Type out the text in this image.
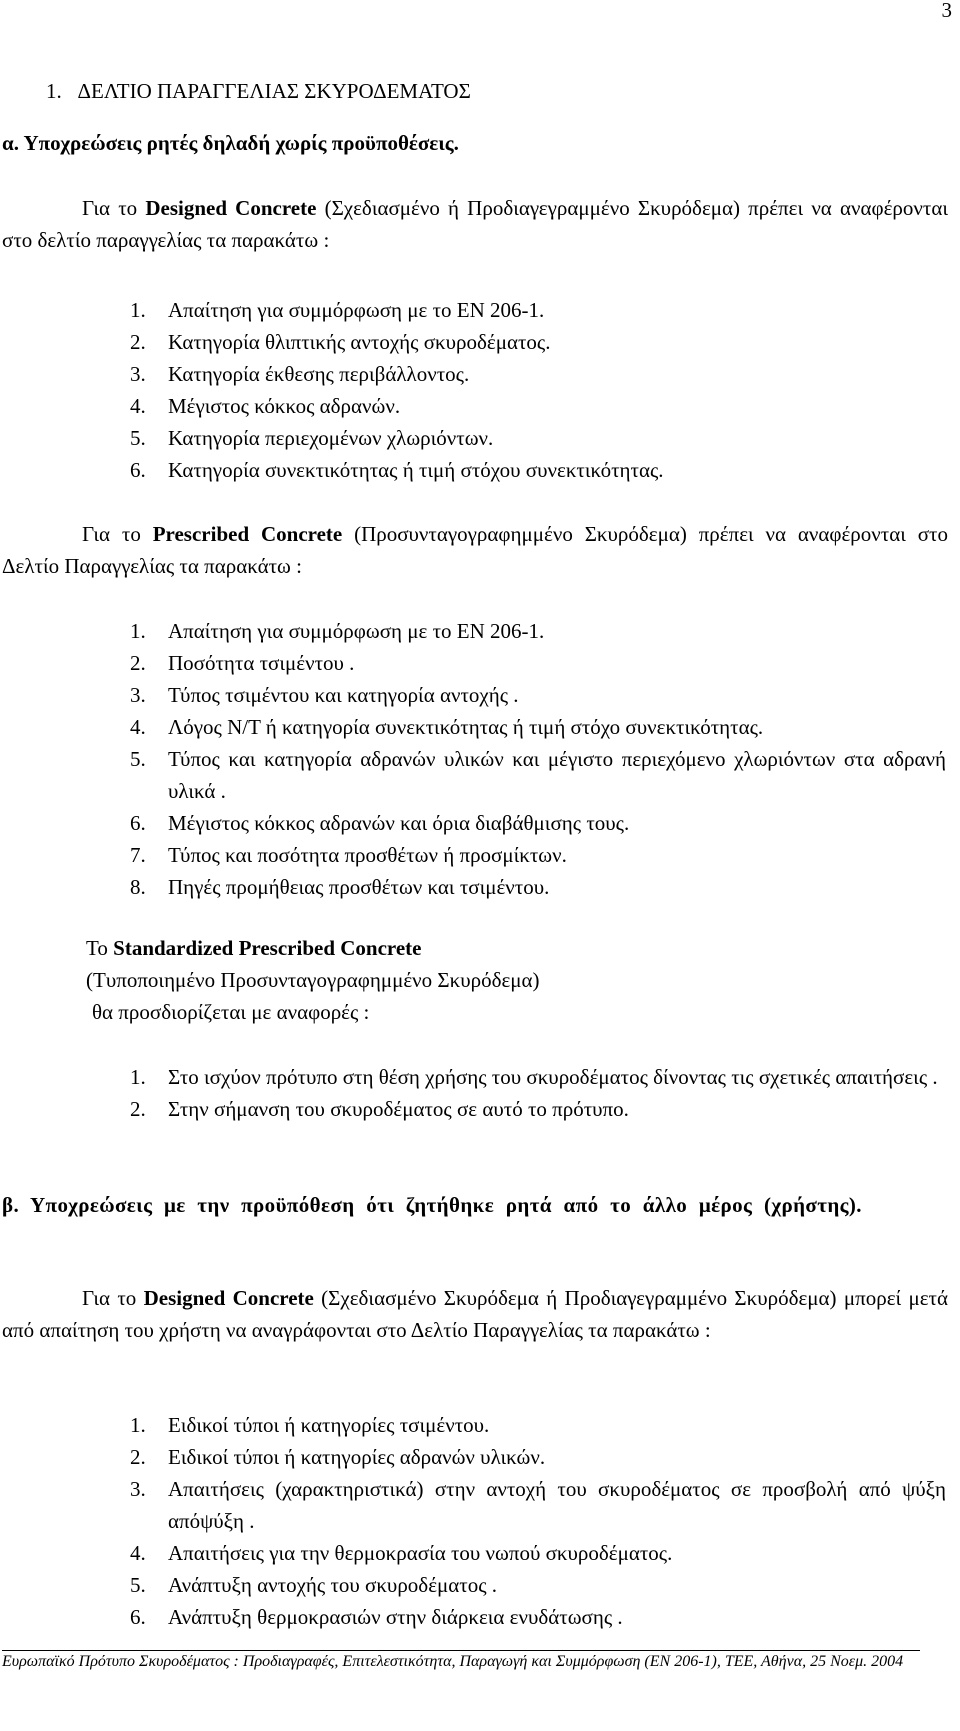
3
1. ΔΕΛΤΙΟ ΠΑΡΑΓΓΕΛΙΑΣ ΣΚΥΡΟΔΕΜΑΤΟΣ
α. Υποχρεώσεις ρητές δηλαδή χωρίς προϋποθέσεις.
Για το Designed Concrete (Σχεδιασμένο ή Προδιαγεγραμμένο Σκυρόδεμα) πρέπει να αναφέρονται στο δελτίο παραγγελίας τα παρακάτω :
1. Απαίτηση για συμμόρφωση με το ΕΝ 206-1.
2. Κατηγορία θλιπτικής αντοχής σκυροδέματος.
3. Κατηγορία έκθεσης περιβάλλοντος.
4. Μέγιστος κόκκος αδρανών.
5. Κατηγορία περιεχομένων χλωριόντων.
6. Κατηγορία συνεκτικότητας ή τιμή στόχου συνεκτικότητας.
Για το Prescribed Concrete (Προσυνταγογραφημμένο Σκυρόδεμα) πρέπει να αναφέρονται στο Δελτίο Παραγγελίας τα παρακάτω :
1. Απαίτηση για συμμόρφωση με το ΕΝ 206-1.
2. Ποσότητα τσιμέντου .
3. Τύπος τσιμέντου και κατηγορία αντοχής .
4. Λόγος Ν/Τ ή κατηγορία συνεκτικότητας ή τιμή στόχο συνεκτικότητας.
5. Τύπος και κατηγορία αδρανών υλικών και μέγιστο περιεχόμενο χλωριόντων στα αδρανή υλικά .
6. Μέγιστος κόκκος αδρανών και όρια διαβάθμισης τους.
7. Τύπος και ποσότητα προσθέτων ή προσμίκτων.
8. Πηγές προμήθειας προσθέτων και τσιμέντου.
Το Standardized Prescribed Concrete
(Τυποποιημένο Προσυνταγογραφημμένο Σκυρόδεμα)
θα προσδιορίζεται με αναφορές :
1. Στο ισχύον πρότυπο στη θέση χρήσης του σκυροδέματος δίνοντας τις σχετικές απαιτήσεις .
2. Στην σήμανση του σκυροδέματος σε αυτό το πρότυπο.
β. Υποχρεώσεις με την προϋπόθεση ότι ζητήθηκε ρητά από το άλλο μέρος (χρήστης).
Για το Designed Concrete (Σχεδιασμένο Σκυρόδεμα ή Προδιαγεγραμμένο Σκυρόδεμα) μπορεί μετά από απαίτηση του χρήστη να αναγράφονται στο Δελτίο Παραγγελίας τα παρακάτω :
1. Ειδικοί τύποι ή κατηγορίες τσιμέντου.
2. Ειδικοί τύποι ή κατηγορίες αδρανών υλικών.
3. Απαιτήσεις (χαρακτηριστικά) στην αντοχή του σκυροδέματος σε προσβολή από ψύξη απόψύξη .
4. Απαιτήσεις για την θερμοκρασία του νωπού σκυροδέματος.
5. Ανάπτυξη αντοχής του σκυροδέματος .
6. Ανάπτυξη θερμοκρασιών στην διάρκεια ενυδάτωσης .
Ευρωπαϊκό Πρότυπο Σκυροδέματος : Προδιαγραφές, Επιτελεστικότητα, Παραγωγή και Συμμόρφωση (ΕΝ 206-1), ΤΕΕ, Αθήνα, 25 Νοεμ. 2004
